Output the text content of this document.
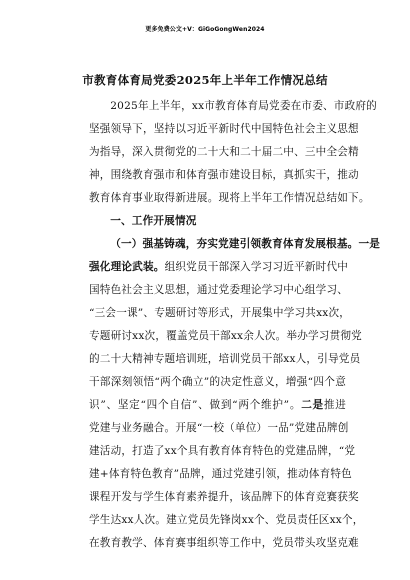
更多免费公文+V：GiGoGongWen2024
市教育体育局党委2025年上半年工作情况总结
2025年上半年，xx市教育体育局党委在市委、市政府的
坚强领导下，坚持以习近平新时代中国特色社会主义思想
为指导，深入贯彻党的二十大和二十届二中、三中全会精
神，围绕教育强市和体育强市建设目标，真抓实干，推动
教育体育事业取得新进展。现将上半年工作情况总结如下。
一、工作开展情况
（一）强基铸魂，夯实党建引领教育体育发展根基。一是
强化理论武装。组织党员干部深入学习习近平新时代中
国特色社会主义思想，通过党委理论学习中心组学习、
“三会一课”、专题研讨等形式，开展集中学习共xx次，
专题研讨xx次，覆盖党员干部xx余人次。举办学习贯彻党
的二十大精神专题培训班，培训党员干部xx人，引导党员
干部深刻领悟“两个确立”的决定性意义，增强“四个意
识”、坚定“四个自信”、做到“两个维护”。二是推进
党建与业务融合。开展“一校（单位）一品”党建品牌创
建活动，打造了xx个具有教育体育特色的党建品牌，“党
建+体育特色教育”品牌，通过党建引领，推动体育特色
课程开发与学生体育素养提升，该品牌下的体育竞赛获奖
学生达xx人次。建立党员先锋岗xx个、党员责任区xx个，
在教育教学、体育赛事组织等工作中，党员带头攻坚克难
